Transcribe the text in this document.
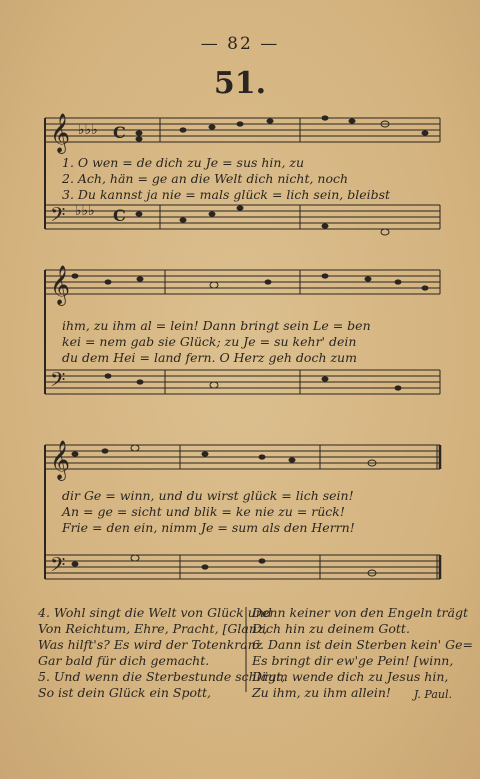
— 82 —
51.
𝄞
𝄢
𝄞
𝄢
𝄞
𝄢
♭♭♭
♭♭♭
C
C
1. O wen = de dich zu Je = sus hin, zu
2. Ach, hän = ge an die Welt dich nicht, noch
3. Du kannst ja nie = mals glück = lich sein, bleibst
ihm, zu ihm al = lein! Dann bringt sein Le = ben
kei = nem gab sie Glück; zu Je = su kehr' dein
du dem Hei = land fern. O Herz geh doch zum
dir Ge = winn, und du wirst glück = lich sein!
An = ge = sicht und blik = ke nie zu = rück!
Frie = den ein, nimm Je = sum als den Herrn!
4. Wohl singt die Welt von Glück und
Von Reichtum, Ehre, Pracht, [Glanz,
Was hilft's? Es wird der Totenkranz
Gar bald für dich gemacht.
5. Und wenn die Sterbestunde schlägt,
So ist dein Glück ein Spott,
Denn keiner von den Engeln trägt
Dich hin zu deinem Gott.
6. Dann ist dein Sterben kein' Ge=
Es bringt dir ew'ge Pein! [winn,
Drum wende dich zu Jesus hin,
Zu ihm, zu ihm allein!	J. Paul.
